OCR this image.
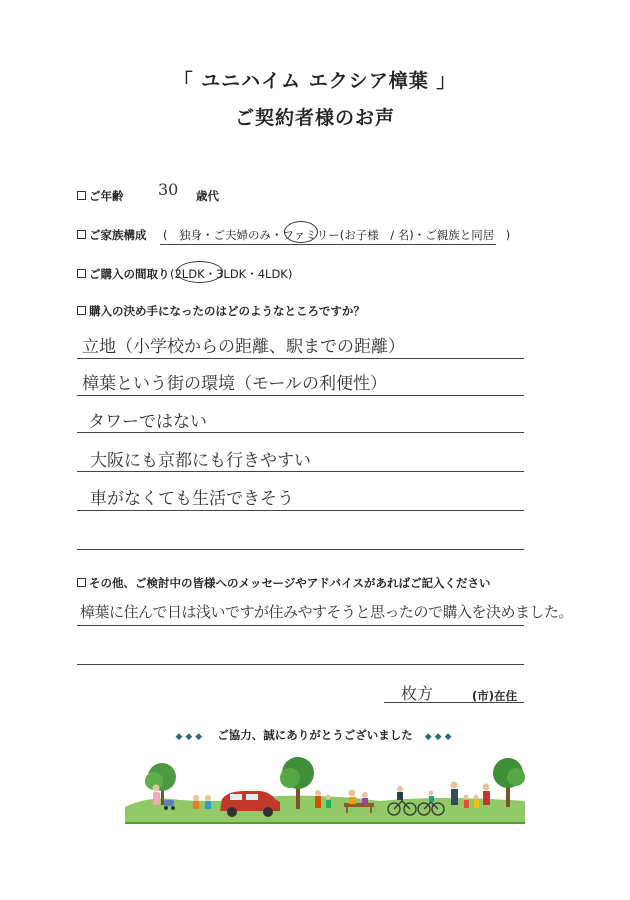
「 ユニハイム エクシア樟葉 」
ご契約者様のお声
ご年齢 30 歳代
ご家族構成 (　独身・ご夫婦のみ・ファミリー(お子様　/ 名)・ご親族と同居　)
ご購入の間取り (2LDK・3LDK・4LDK)
購入の決め手になったのはどのようなところですか？
立地（小学校からの距離、駅までの距離）
樟葉という街の環境（モールの利便性）
タワーではない
大阪にも京都にも行きやすい
車がなくても生活できそう
その他、ご検討中の皆様へのメッセージやアドバイスがあればご記入ください
樟葉に住んで日は浅いですが住みやすそうと思ったので購入を決めました。
枚方	(市)在住
◆◆◆ ご協力、誠にありがとうございました ◆◆◆
